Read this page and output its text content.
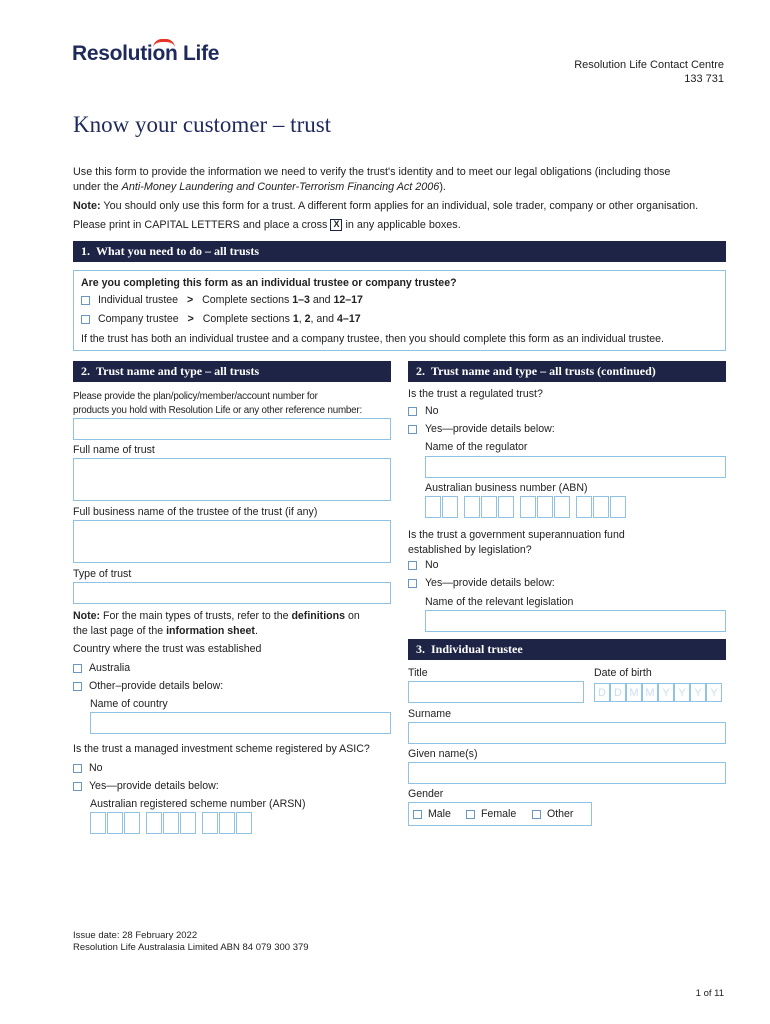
Resolution Life	Resolution Life Contact Centre
133 731
Know your customer – trust
Use this form to provide the information we need to verify the trust's identity and to meet our legal obligations (including those
under the Anti-Money Laundering and Counter-Terrorism Financing Act 2006).
Note: You should only use this form for a trust. A different form applies for an individual, sole trader, company or other organisation.
Please print in CAPITAL LETTERS and place a cross X in any applicable boxes.
1. What you need to do – all trusts
Are you completing this form as an individual trustee or company trustee?
Individual trustee > Complete sections 1–3 and 12–17
Company trustee > Complete sections 1, 2, and 4–17
If the trust has both an individual trustee and a company trustee, then you should complete this form as an individual trustee.
2. Trust name and type – all trusts
Please provide the plan/policy/member/account number for
products you hold with Resolution Life or any other reference number:
Full name of trust
Full business name of the trustee of the trust (if any)
Type of trust
Note: For the main types of trusts, refer to the definitions on
the last page of the information sheet.
Country where the trust was established
Australia
Other–provide details below:
Name of country
Is the trust a managed investment scheme registered by ASIC?
No
Yes—provide details below:
Australian registered scheme number (ARSN)
2. Trust name and type – all trusts (continued)
Is the trust a regulated trust?
No
Yes—provide details below:
Name of the regulator
Australian business number (ABN)
Is the trust a government superannuation fund
established by legislation?
No
Yes—provide details below:
Name of the relevant legislation
3. Individual trustee
Title	Date of birth
D D M M Y Y Y Y
Surname
Given name(s)
Gender
Male	Female	Other
Issue date: 28 February 2022
Resolution Life Australasia Limited ABN 84 079 300 379
1 of 11
